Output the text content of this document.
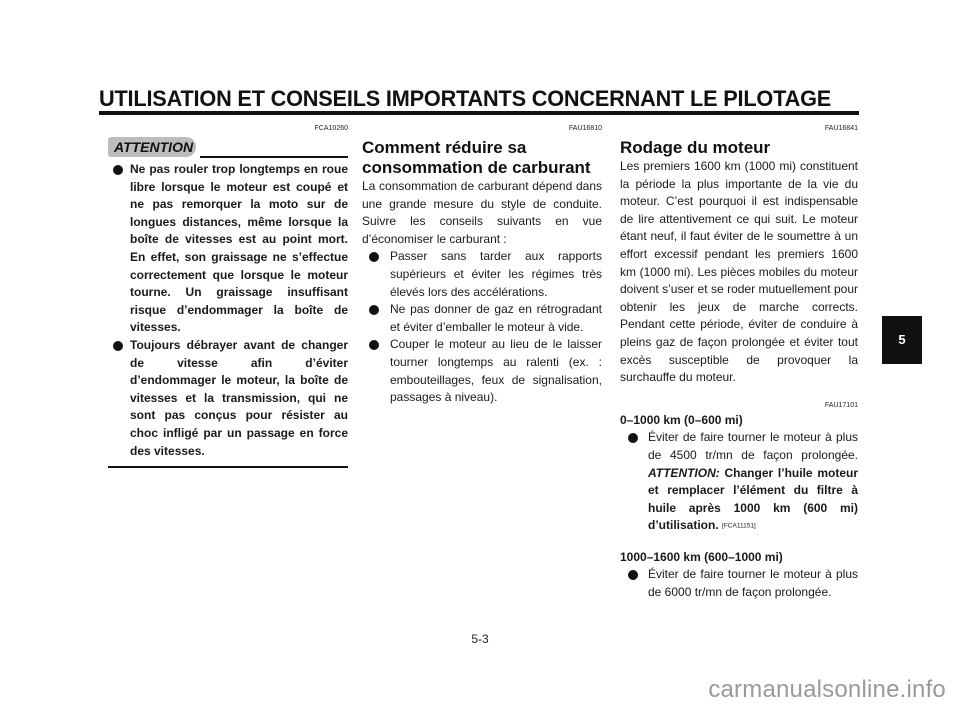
UTILISATION ET CONSEILS IMPORTANTS CONCERNANT LE PILOTAGE
FCA10260
ATTENTION
Ne pas rouler trop longtemps en roue libre lorsque le moteur est coupé et ne pas remorquer la moto sur de longues distances, même lorsque la boîte de vitesses est au point mort. En effet, son graissage ne s’effectue correctement que lorsque le moteur tourne. Un graissage insuffisant risque d’endommager la boîte de vitesses.
Toujours débrayer avant de changer de vitesse afin d’éviter d’endommager le moteur, la boîte de vitesses et la transmission, qui ne sont pas conçus pour résister au choc infligé par un passage en force des vitesses.
FAU16810
Comment réduire sa consommation de carburant

La consommation de carburant dépend dans une grande mesure du style de conduite. Suivre les conseils suivants en vue d’économiser le carburant :

Passer sans tarder aux rapports supérieurs et éviter les régimes très élevés lors des accélérations.
Ne pas donner de gaz en rétrogradant et éviter d’emballer le moteur à vide.
Couper le moteur au lieu de le laisser tourner longtemps au ralenti (ex. : embouteillages, feux de signalisation, passages à niveau).
FAU16841
Rodage du moteur

Les premiers 1600 km (1000 mi) constituent la période la plus importante de la vie du moteur. C’est pourquoi il est indispensable de lire attentivement ce qui suit. Le moteur étant neuf, il faut éviter de le soumettre à un effort excessif pendant les premiers 1600 km (1000 mi). Les pièces mobiles du moteur doivent s’user et se roder mutuellement pour obtenir les jeux de marche corrects. Pendant cette période, éviter de conduire à pleins gaz de façon prolongée et éviter tout excès susceptible de provoquer la surchauffe du moteur.

FAU17101
0–1000 km (0–600 mi)
Éviter de faire tourner le moteur à plus de 4500 tr/mn de façon prolongée. ATTENTION: Changer l’huile moteur et remplacer l’élément du filtre à huile après 1000 km (600 mi) d’utilisation. [FCA11151]
1000–1600 km (600–1000 mi)
Éviter de faire tourner le moteur à plus de 6000 tr/mn de façon prolongée.
5-3
5
carmanualsonline.info
